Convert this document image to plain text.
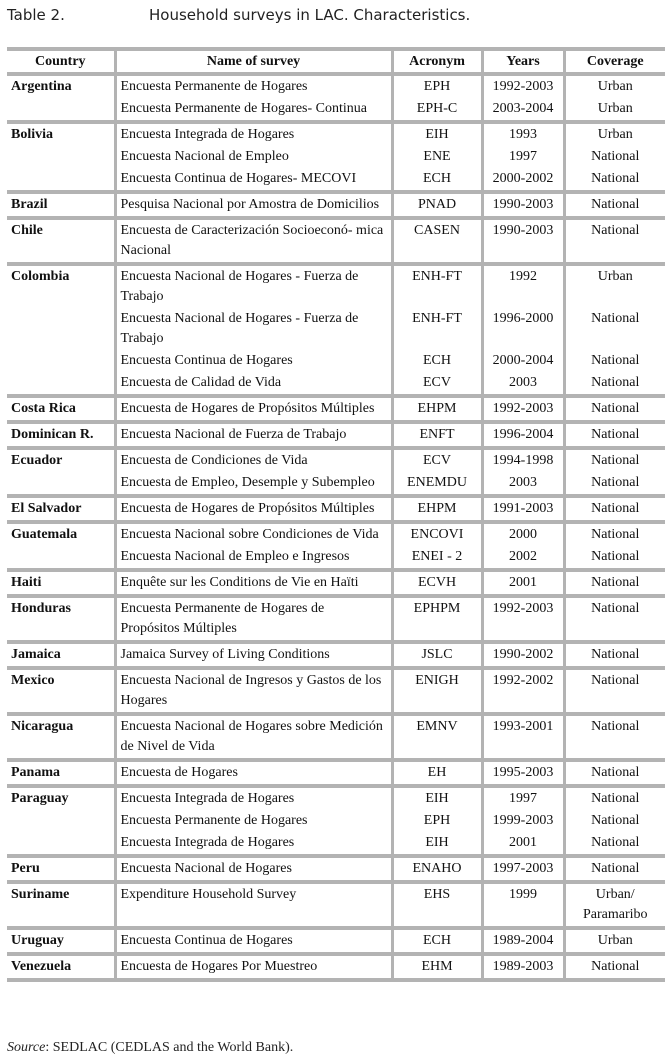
Table 2.	Household surveys in LAC. Characteristics.
Country	Name of survey	Acronym	Years	Coverage
Argentina	Encuesta Permanente de Hogares	EPH	1992-2003	Urban
	Encuesta Permanente de Hogares- Continua	EPH-C	2003-2004	Urban
Bolivia	Encuesta Integrada de Hogares	EIH	1993	Urban
	Encuesta Nacional de Empleo	ENE	1997	National
	Encuesta Continua de Hogares- MECOVI	ECH	2000-2002	National
Brazil	Pesquisa Nacional por Amostra de Domicilios	PNAD	1990-2003	National
Chile	Encuesta de Caracterización Socioeconó- mica Nacional	CASEN	1990-2003	National
Colombia	Encuesta Nacional de Hogares - Fuerza de Trabajo	ENH-FT	1992	Urban
	Encuesta Nacional de Hogares - Fuerza de Trabajo	ENH-FT	1996-2000	National
	Encuesta Continua de Hogares	ECH	2000-2004	National
	Encuesta de Calidad de Vida	ECV	2003	National
Costa Rica	Encuesta de Hogares de Propósitos Múltiples	EHPM	1992-2003	National
Dominican R.	Encuesta Nacional de Fuerza de Trabajo	ENFT	1996-2004	National
Ecuador	Encuesta de Condiciones de Vida	ECV	1994-1998	National
	Encuesta de Empleo, Desemple y Subempleo	ENEMDU	2003	National
El Salvador	Encuesta de Hogares de Propósitos Múltiples	EHPM	1991-2003	National
Guatemala	Encuesta Nacional sobre Condiciones de Vida	ENCOVI	2000	National
	Encuesta Nacional de Empleo e Ingresos	ENEI - 2	2002	National
Haiti	Enquête sur les Conditions de Vie en Haïti	ECVH	2001	National
Honduras	Encuesta Permanente de Hogares de Propósitos Múltiples	EPHPM	1992-2003	National
Jamaica	Jamaica Survey of Living Conditions	JSLC	1990-2002	National
Mexico	Encuesta Nacional de Ingresos y Gastos de los Hogares	ENIGH	1992-2002	National
Nicaragua	Encuesta Nacional de Hogares sobre Medición de Nivel de Vida	EMNV	1993-2001	National
Panama	Encuesta de Hogares	EH	1995-2003	National
Paraguay	Encuesta Integrada de Hogares	EIH	1997	National
	Encuesta Permanente de Hogares	EPH	1999-2003	National
	Encuesta Integrada de Hogares	EIH	2001	National
Peru	Encuesta Nacional de Hogares	ENAHO	1997-2003	National
Suriname	Expenditure Household Survey	EHS	1999	Urban/ Paramaribo
Uruguay	Encuesta Continua de Hogares	ECH	1989-2004	Urban
Venezuela	Encuesta de Hogares Por Muestreo	EHM	1989-2003	National
Source: SEDLAC (CEDLAS and the World Bank).
